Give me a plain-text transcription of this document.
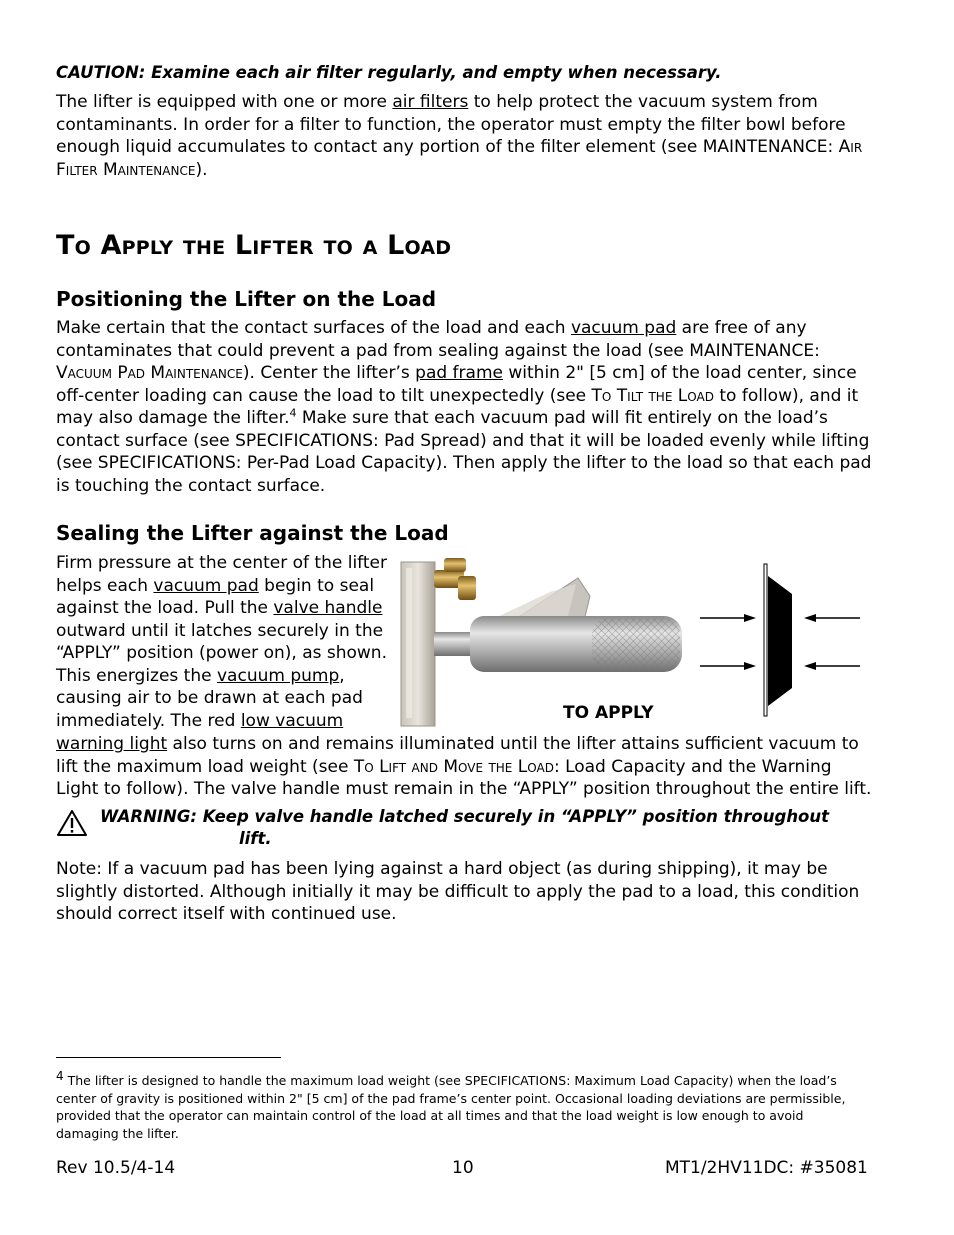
CAUTION: Examine each air filter regularly, and empty when necessary.

The lifter is equipped with one or more air filters to help protect the vacuum system from contaminants. In order for a filter to function, the operator must empty the filter bowl before enough liquid accumulates to contact any portion of the filter element (see MAINTENANCE: Air Filter Maintenance).

To Apply the Lifter to a Load
Positioning the Lifter on the Load

Make certain that the contact surfaces of the load and each vacuum pad are free of any contaminates that could prevent a pad from sealing against the load (see MAINTENANCE: Vacuum Pad Maintenance). Center the lifter’s pad frame within 2" [5 cm] of the load center, since off-center loading can cause the load to tilt unexpectedly (see To Tilt the Load to follow), and it may also damage the lifter.$^4$ Make sure that each vacuum pad will fit entirely on the load’s contact surface (see SPECIFICATIONS: Pad Spread) and that it will be loaded evenly while lifting (see SPECIFICATIONS: Per-Pad Load Capacity). Then apply the lifter to the load so that each pad is touching the contact surface.

Sealing the Lifter against the Load
Firm pressure at the center of the lifter
helps each vacuum pad begin to seal
against the load. Pull the valve handle
outward until it latches securely in the
“APPLY” position (power on), as shown.
This energizes the vacuum pump,
causing air to be drawn at each pad
immediately. The red low vacuum	TO APPLY

warning light also turns on and remains illuminated until the lifter attains sufficient vacuum to lift the maximum load weight (see To Lift and Move the Load: Load Capacity and the Warning Light to follow). The valve handle must remain in the “APPLY” position throughout the entire lift.

WARNING: Keep valve handle latched securely in “APPLY” position throughout
lift.

Note: If a vacuum pad has been lying against a hard object (as during shipping), it may be slightly distorted. Although initially it may be difficult to apply the pad to a load, this condition should correct itself with continued use.

$^4$ The lifter is designed to handle the maximum load weight (see SPECIFICATIONS: Maximum Load Capacity) when the load’s center of gravity is positioned within 2" [5 cm] of the pad frame’s center point. Occasional loading deviations are permissible, provided that the operator can maintain control of the load at all times and that the load weight is low enough to avoid damaging the lifter.

Rev 10.5/4-14	10	MT1/2HV11DC: #35081
